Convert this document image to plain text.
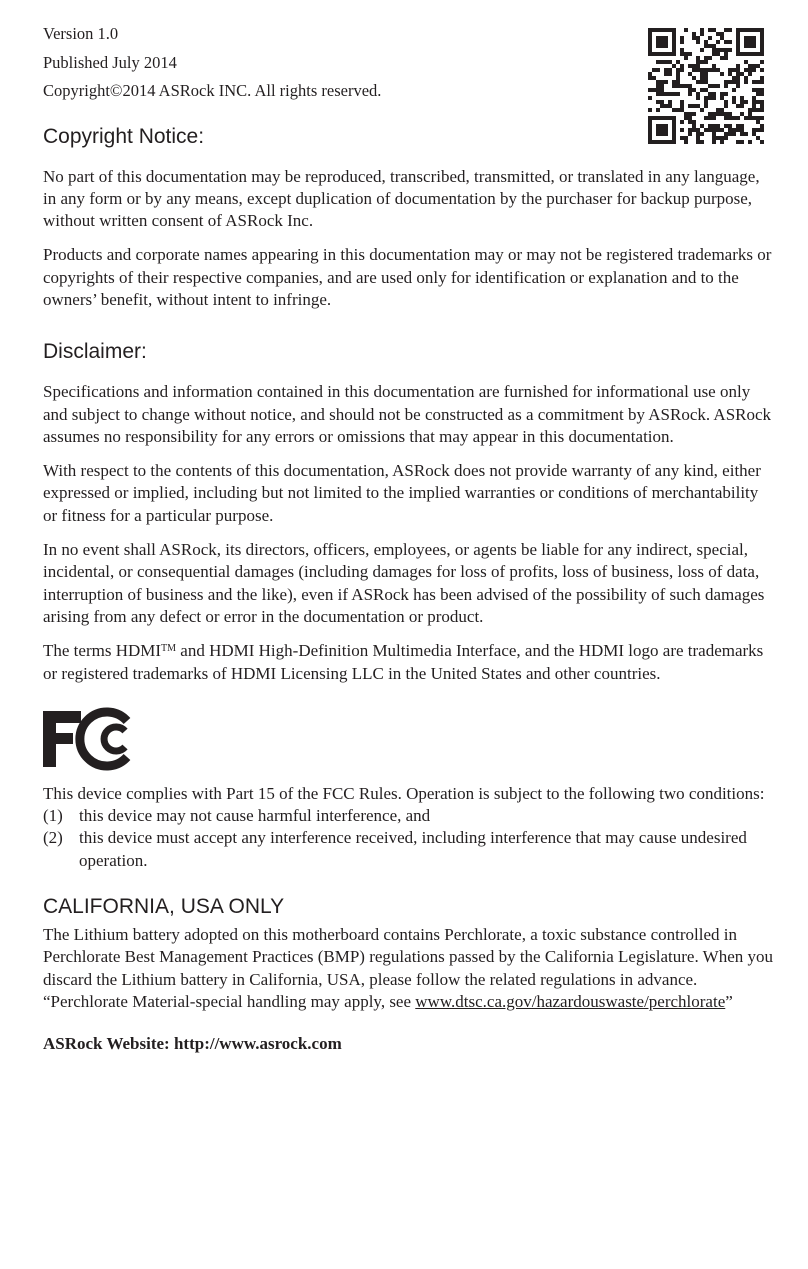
Version 1.0

Published July 2014

Copyright©2014 ASRock INC. All rights reserved.

Copyright Notice:

No part of this documentation may be reproduced, transcribed, transmitted, or translated in any language, in any form or by any means, except duplication of documentation by the purchaser for backup purpose, without written consent of ASRock Inc.

Products and corporate names appearing in this documentation may or may not be registered trademarks or copyrights of their respective companies, and are used only for identification or explanation and to the owners’ benefit, without intent to infringe.

Disclaimer:

Specifications and information contained in this documentation are furnished for informational use only and subject to change without notice, and should not be constructed as a commitment by ASRock. ASRock assumes no responsibility for any errors or omissions that may appear in this documentation.

With respect to the contents of this documentation, ASRock does not provide warranty of any kind, either expressed or implied, including but not limited to the implied warranties or conditions of merchantability or fitness for a particular purpose.

In no event shall ASRock, its directors, officers, employees, or agents be liable for any indirect, special, incidental, or consequential damages (including damages for loss of profits, loss of business, loss of data, interruption of business and the like), even if ASRock has been advised of the possibility of such damages arising from any defect or error in the documentation or product.

The terms HDMI™ and HDMI High-Definition Multimedia Interface, and the HDMI logo are trademarks or registered trademarks of HDMI Licensing LLC in the United States and other countries.

This device complies with Part 15 of the FCC Rules. Operation is subject to the following two conditions:

(1) this device may not cause harmful interference, and
(2) this device must accept any interference received, including interference that may cause undesired operation.
CALIFORNIA, USA ONLY

The Lithium battery adopted on this motherboard contains Perchlorate, a toxic substance controlled in Perchlorate Best Management Practices (BMP) regulations passed by the California Legislature. When you discard the Lithium battery in California, USA, please follow the related regulations in advance.

“Perchlorate Material-special handling may apply, see www.dtsc.ca.gov/hazardouswaste/perchlorate”

ASRock Website: http://www.asrock.com
